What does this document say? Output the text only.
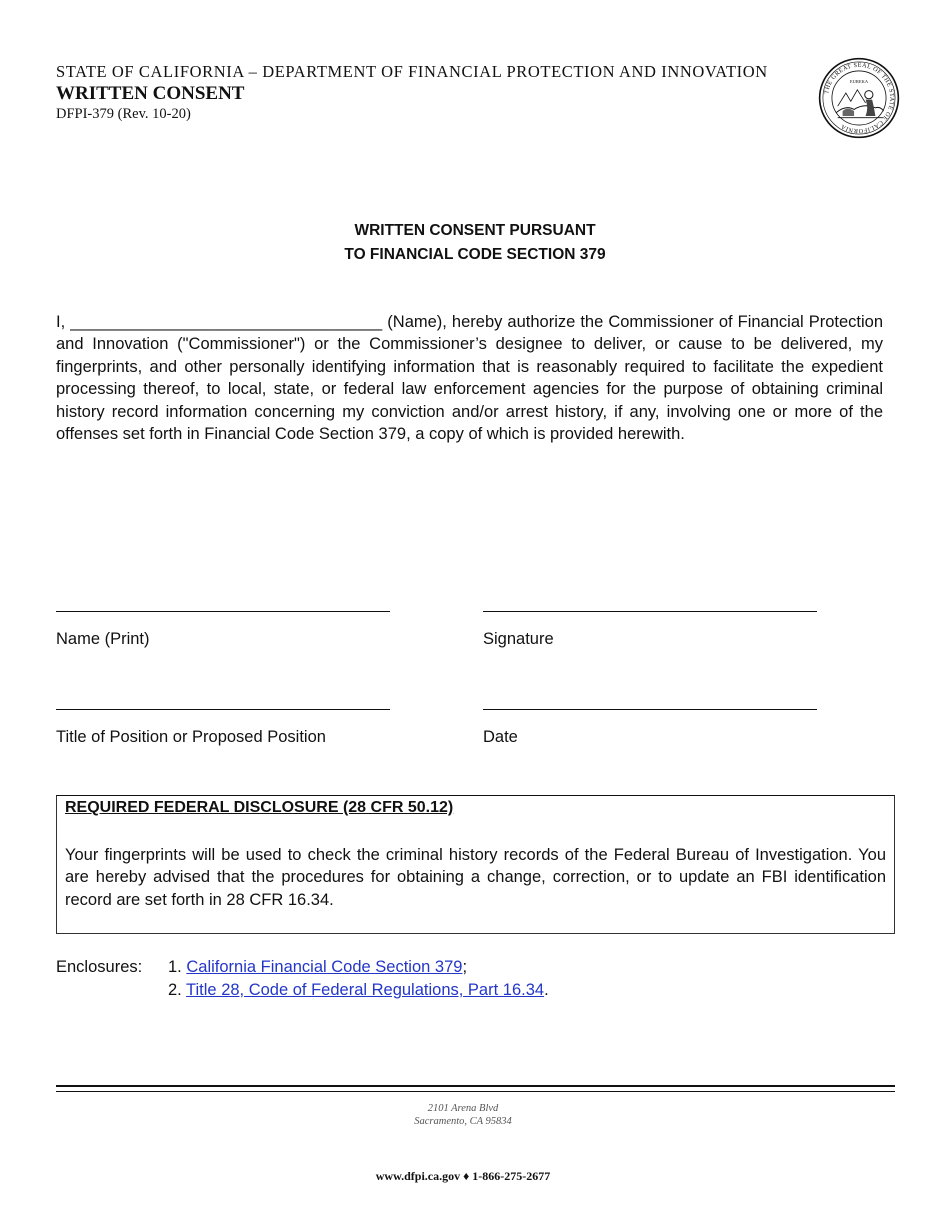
STATE OF CALIFORNIA – DEPARTMENT OF FINANCIAL PROTECTION AND INNOVATION
WRITTEN CONSENT
DFPI-379 (Rev. 10-20)
THE GREAT SEAL OF THE STATE OF CALIFORNIA
EUREKA
WRITTEN CONSENT PURSUANT
TO FINANCIAL CODE SECTION 379
I, __________________________________ (Name), hereby authorize the Commissioner of Financial Protection and Innovation ("Commissioner") or the Commissioner’s designee to deliver, or cause to be delivered, my fingerprints, and other personally identifying information that is reasonably required to facilitate the expedient processing thereof, to local, state, or federal law enforcement agencies for the purpose of obtaining criminal history record information concerning my conviction and/or arrest history, if any, involving one or more of the offenses set forth in Financial Code Section 379, a copy of which is provided herewith.
Name (Print)	Signature
Title of Position or Proposed Position	Date
REQUIRED FEDERAL DISCLOSURE (28 CFR 50.12)
Your fingerprints will be used to check the criminal history records of the Federal Bureau of Investigation. You are hereby advised that the procedures for obtaining a change, correction, or to update an FBI identification record are set forth in 28 CFR 16.34.
Enclosures: 1. California Financial Code Section 379;
2. Title 28, Code of Federal Regulations, Part 16.34.
2101 Arena Blvd
Sacramento, CA 95834
www.dfpi.ca.gov ♦ 1-866-275-2677
